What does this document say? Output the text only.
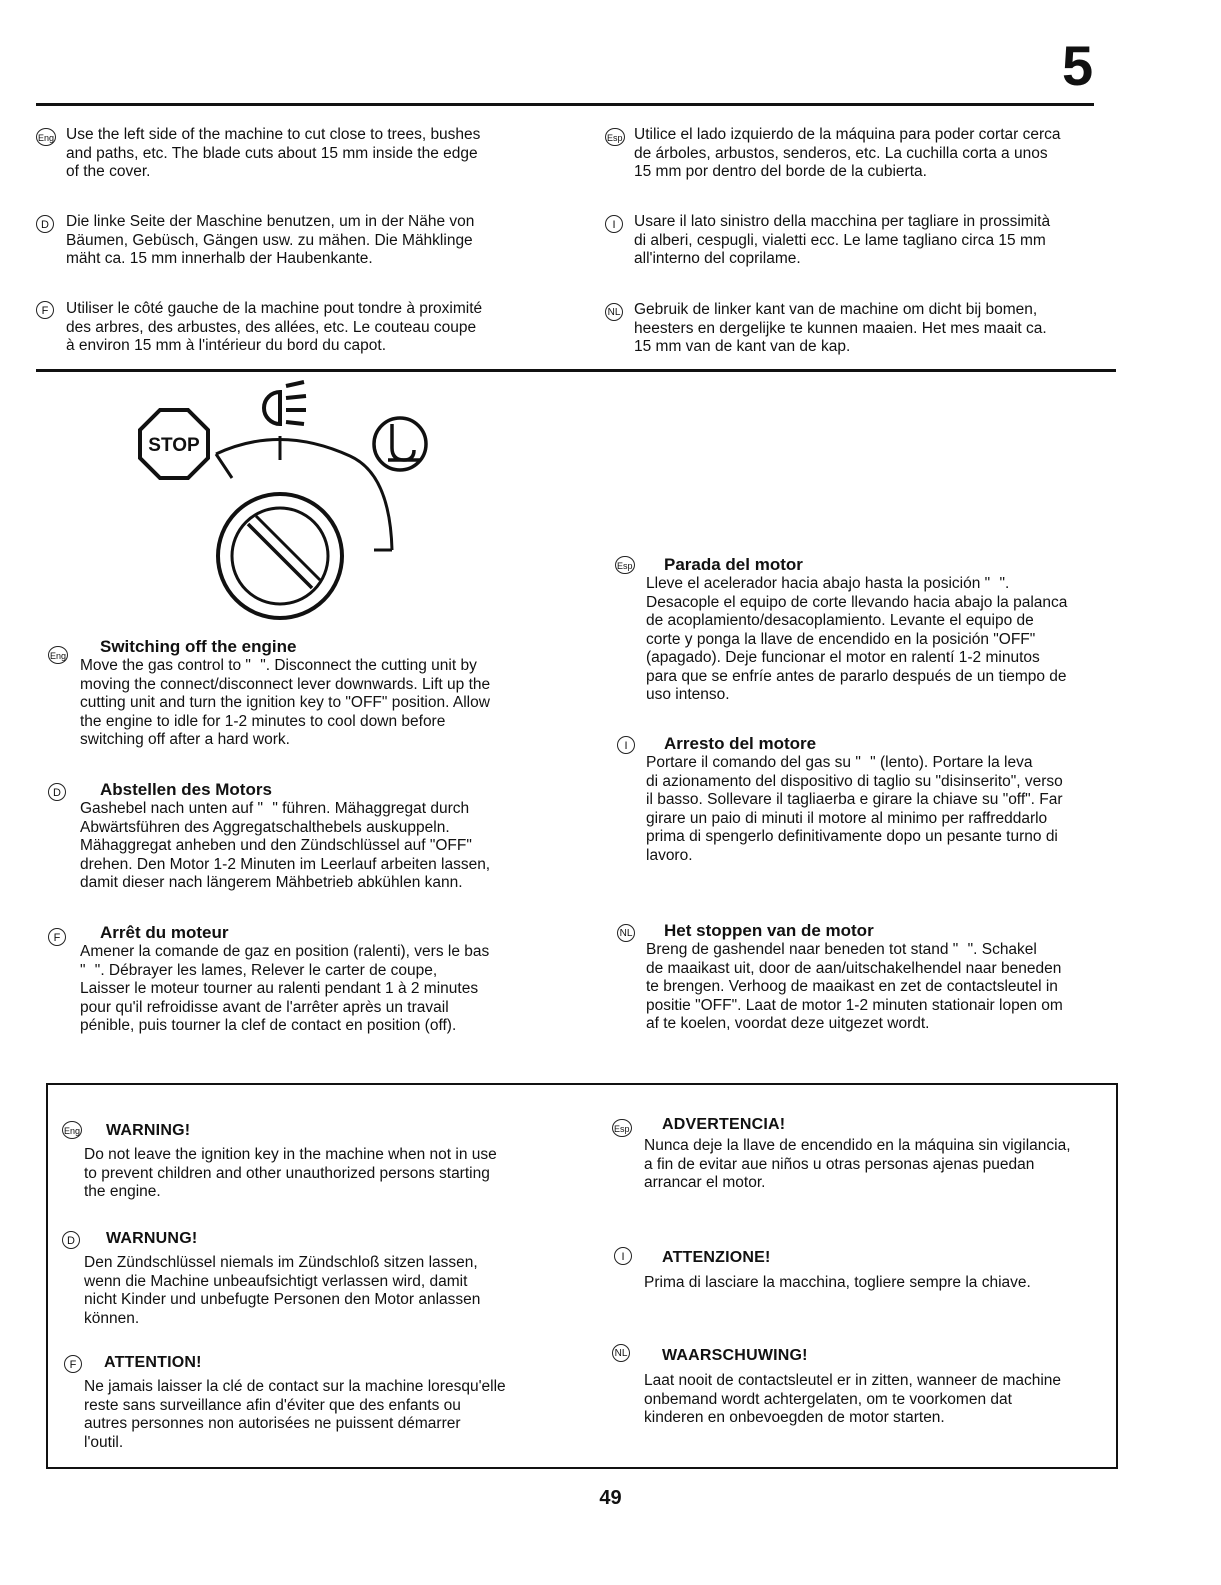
5
Eng Use the left side of the machine to cut close to trees, bushes
and paths, etc. The blade cuts about 15 mm inside the edge
of the cover.
D	Die linke Seite der Maschine benutzen, um in der Nähe von
Bäumen, Gebüsch, Gängen usw. zu mähen. Die Mähklinge
mäht ca. 15 mm innerhalb der Haubenkante.
F	Utiliser le côté gauche de la machine pout tondre à proximité
des arbres, des arbustes, des allées, etc. Le couteau coupe
à environ 15 mm à l'intérieur du bord du capot.
Esp Utilice el lado izquierdo de la máquina para poder cortar cerca
de árboles, arbustos, senderos, etc. La cuchilla corta a unos
15 mm por dentro del borde de la cubierta.
I	Usare il lato sinistro della macchina per tagliare in prossimità
di alberi, cespugli, vialetti ecc. Le lame tagliano circa 15 mm
all'interno del coprilame.
NL Gebruik de linker kant van de machine om dicht bij bomen,
heesters en dergelijke te kunnen maaien. Het mes maait ca.
15 mm van de kant van de kap.
STOP
Eng Switching off the engine
Move the gas control to "   ". Disconnect the cutting unit by
moving the connect/disconnect lever downwards. Lift up the
cutting unit and turn the ignition key to "OFF" position. Allow
the engine to idle for 1-2 minutes to cool down before
switching off after a hard work.
D Abstellen des Motors
Gashebel nach unten auf "   " führen. Mähaggregat durch
Abwärtsführen des Aggregatschalthebels auskuppeln.
Mähaggregat anheben und den Zündschlüssel auf "OFF"
drehen. Den Motor 1-2 Minuten im Leerlauf arbeiten lassen,
damit dieser nach längerem Mähbetrieb abkühlen kann.
F	Arrêt du moteur
Amener la comande de gaz en position (ralenti), vers le bas
"   ". Débrayer les lames, Relever le carter de coupe,
Laisser le moteur tourner au ralenti pendant 1 à 2 minutes
pour qu'il refroidisse avant de l'arrêter après un travail
pénible, puis tourner la clef de contact en position (off).
Esp Parada del motor
Lleve el acelerador hacia abajo hasta la posición "   ".
Desacople el equipo de corte llevando hacia abajo la palanca
de acoplamiento/desacoplamiento. Levante el equipo de
corte y ponga la llave de encendido en la posición "OFF"
(apagado). Deje funcionar el motor en ralentí 1-2 minutos
para que se enfríe antes de pararlo después de un tiempo de
uso intenso.
I	Arresto del motore
Portare il comando del gas su "   " (lento). Portare la leva
di azionamento del dispositivo di taglio su "disinserito", verso
il basso. Sollevare il tagliaerba e girare la chiave su "off". Far
girare un paio di minuti il motore al minimo per raffreddarlo
prima di spengerlo definitivamente dopo un pesante turno di
lavoro.
NL Het stoppen van de motor
Breng de gashendel naar beneden tot stand "   ". Schakel
de maaikast uit, door de aan/uitschakelhendel naar beneden
te brengen. Verhoog de maaikast en zet de contactsleutel in
positie "OFF". Laat de motor 1-2 minuten stationair lopen om
af te koelen, voordat deze uitgezet wordt.
Eng WARNING!
Do not leave the ignition key in the machine when not in use
to prevent children and other unauthorized persons starting
the engine.
D	WARNUNG!
Den Zündschlüssel niemals im Zündschloß sitzen lassen,
wenn die Machine unbeaufsichtigt verlassen wird, damit
nicht Kinder und unbefugte Personen den Motor anlassen
können.
F	ATTENTION!
Ne jamais laisser la clé de contact sur la machine loresqu'elle
reste sans surveillance afin d'éviter que des enfants ou
autres personnes non autorisées ne puissent démarrer
l'outil.
Esp ADVERTENCIA!
Nunca deje la llave de encendido en la máquina sin vigilancia,
a fin de evitar aue niños u otras personas ajenas puedan
arrancar el motor.
I	ATTENZIONE!
Prima di lasciare la macchina, togliere sempre la chiave.
NL WAARSCHUWING!
Laat nooit de contactsleutel er in zitten, wanneer de machine
onbemand wordt achtergelaten, om te voorkomen dat
kinderen en onbevoegden de motor starten.
49
